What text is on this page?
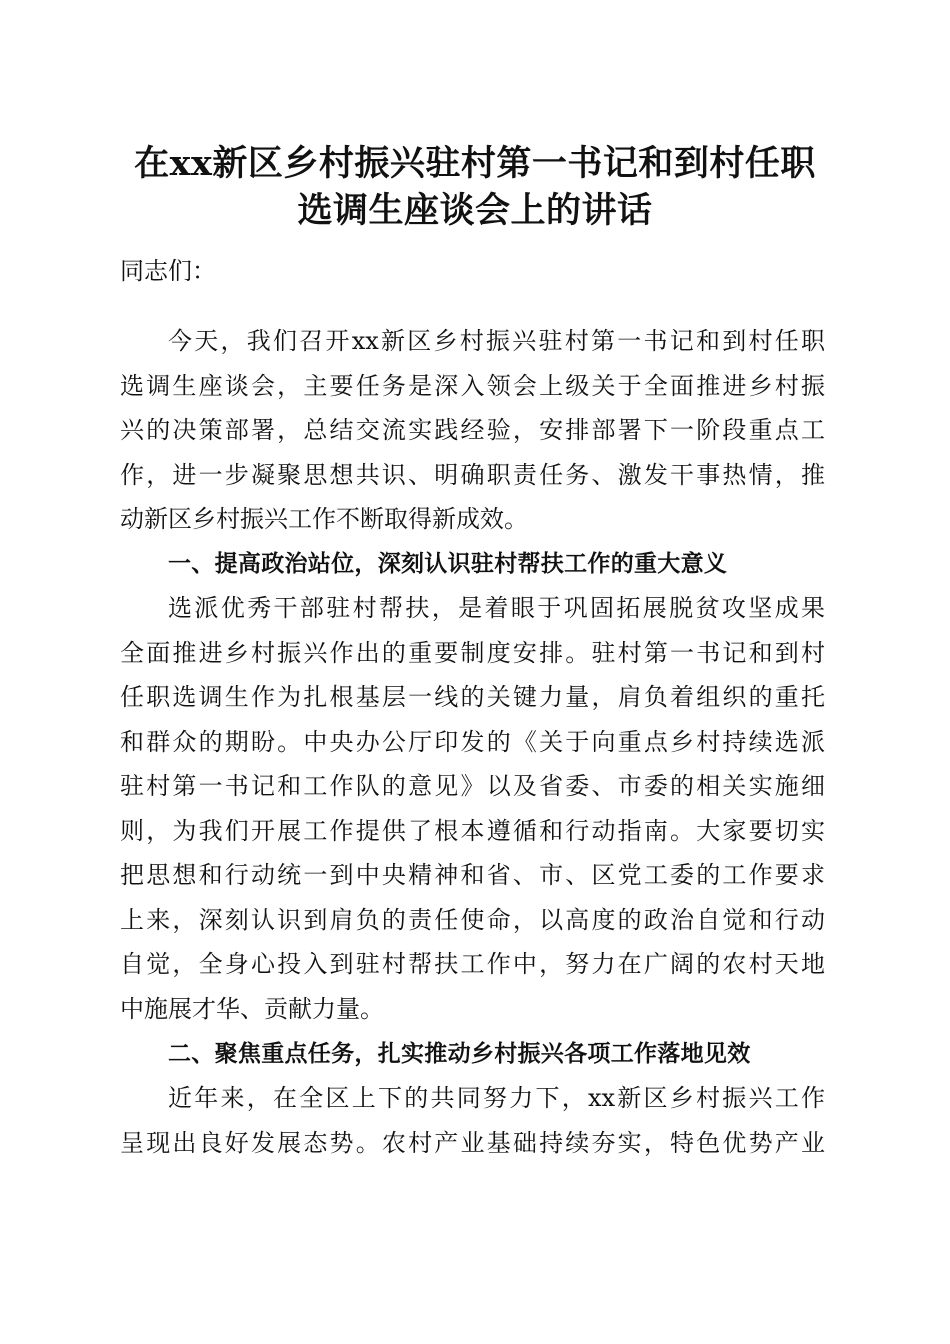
在xx新区乡村振兴驻村第一书记和到村任职
选调生座谈会上的讲话
同志们：
今天，我们召开xx新区乡村振兴驻村第一书记和到村任职
选调生座谈会，主要任务是深入领会上级关于全面推进乡村振
兴的决策部署，总结交流实践经验，安排部署下一阶段重点工
作，进一步凝聚思想共识、明确职责任务、激发干事热情，推
动新区乡村振兴工作不断取得新成效。
一、提高政治站位，深刻认识驻村帮扶工作的重大意义
选派优秀干部驻村帮扶，是着眼于巩固拓展脱贫攻坚成果
全面推进乡村振兴作出的重要制度安排。驻村第一书记和到村
任职选调生作为扎根基层一线的关键力量，肩负着组织的重托
和群众的期盼。中央办公厅印发的《关于向重点乡村持续选派
驻村第一书记和工作队的意见》以及省委、市委的相关实施细
则，为我们开展工作提供了根本遵循和行动指南。大家要切实
把思想和行动统一到中央精神和省、市、区党工委的工作要求
上来，深刻认识到肩负的责任使命，以高度的政治自觉和行动
自觉，全身心投入到驻村帮扶工作中，努力在广阔的农村天地
中施展才华、贡献力量。
二、聚焦重点任务，扎实推动乡村振兴各项工作落地见效
近年来，在全区上下的共同努力下，xx新区乡村振兴工作
呈现出良好发展态势。农村产业基础持续夯实，特色优势产业
